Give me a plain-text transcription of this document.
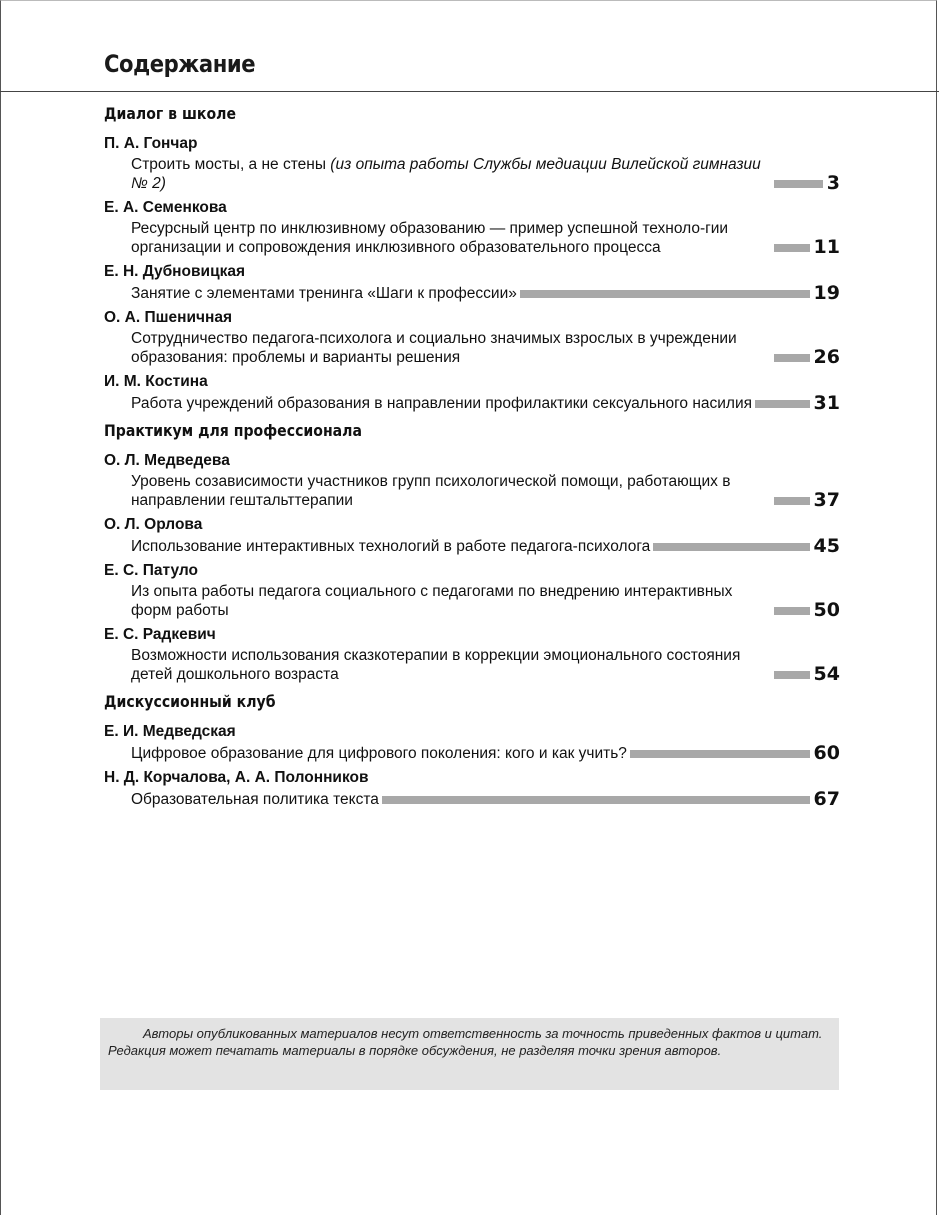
Содержание
Диалог в школе
П. А. Гончар
Строить мосты, а не стены (из опыта работы Службы медиации Вилейской гимназии № 2)	3
Е. А. Семенкова
Ресурсный центр по инклюзивному образованию — пример успешной техноло-гии организации и сопровождения инклюзивного образовательного процесса	11
Е. Н. Дубновицкая
Занятие с элементами тренинга «Шаги к профессии»	19
О. А. Пшеничная
Сотрудничество педагога-психолога и социально значимых взрослых в учреждении образования: проблемы и варианты решения	26
И. М. Костина
Работа учреждений образования в направлении профилактики сексуального насилия	31
Практикум для профессионала
О. Л. Медведева
Уровень созависимости участников групп психологической помощи, работающих в направлении гештальттерапии	37
О. Л. Орлова
Использование интерактивных технологий в работе педагога-психолога	45
Е. С. Патуло
Из опыта работы педагога социального с педагогами по внедрению интерактивных форм работы	50
Е. С. Радкевич
Возможности использования сказкотерапии в коррекции эмоционального состояния детей дошкольного возраста	54
Дискуссионный клуб
Е. И. Медведская
Цифровое образование для цифрового поколения: кого и как учить?	60
Н. Д. Корчалова, А. А. Полонников
Образовательная политика текста	67

Авторы опубликованных материалов несут ответственность за точность приведенных фактов и цитат. Редакция может печатать материалы в порядке обсуждения, не разделяя точки зрения авторов.
